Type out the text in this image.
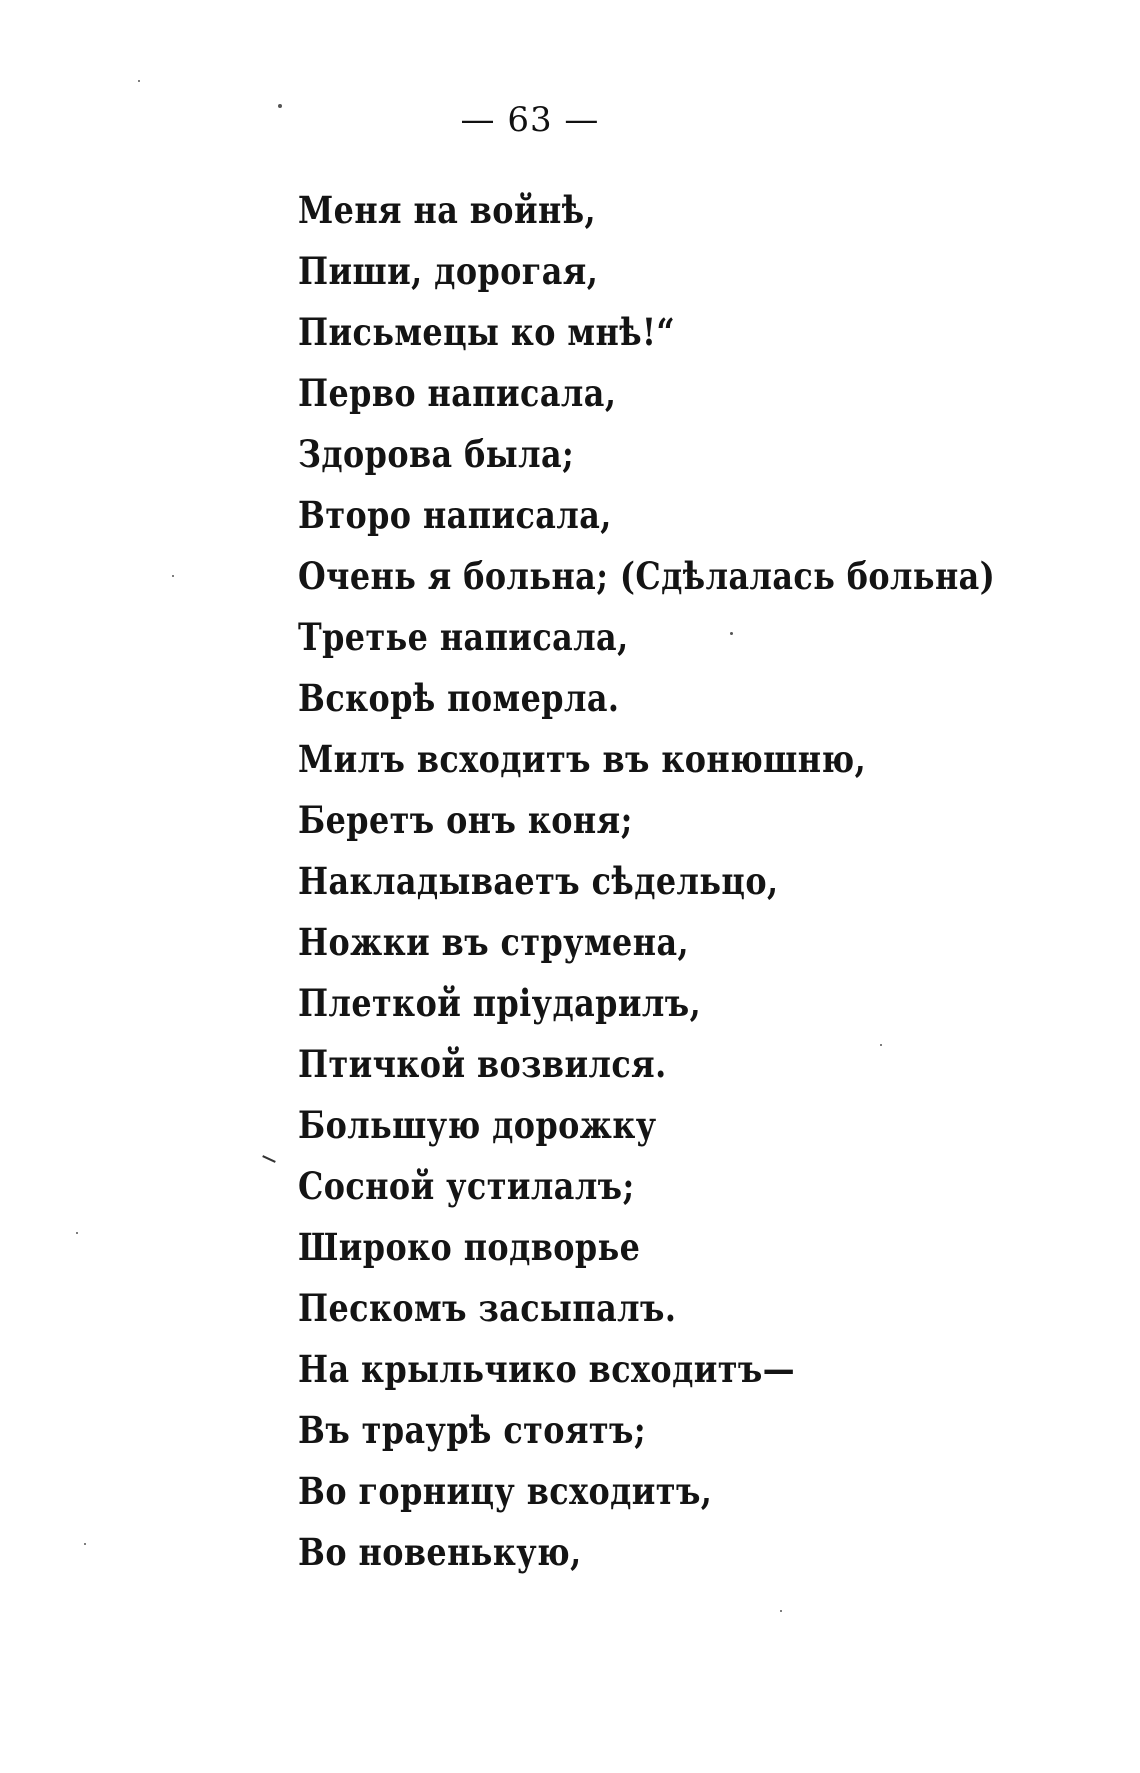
— 63 —
Меня на войнѣ,
Пиши, дорогая,
Письмецы ко мнѣ!“
Перво написала,
Здорова была;
Второ написала,
Очень я больна; (Сдѣлалась больна)
Третье написала,
Вскорѣ померла.
Милъ всходитъ въ конюшню,
Беретъ онъ коня;
Накладываетъ сѣдельцо,
Ножки въ струмена,
Плеткой прiударилъ,
Птичкой возвился.
Большую дорожку
Сосной устилалъ;
Широко подворье
Пескомъ засыпалъ.
На крыльчико всходитъ—
Въ траурѣ стоятъ;
Во горницу всходитъ,
Во новенькую,
